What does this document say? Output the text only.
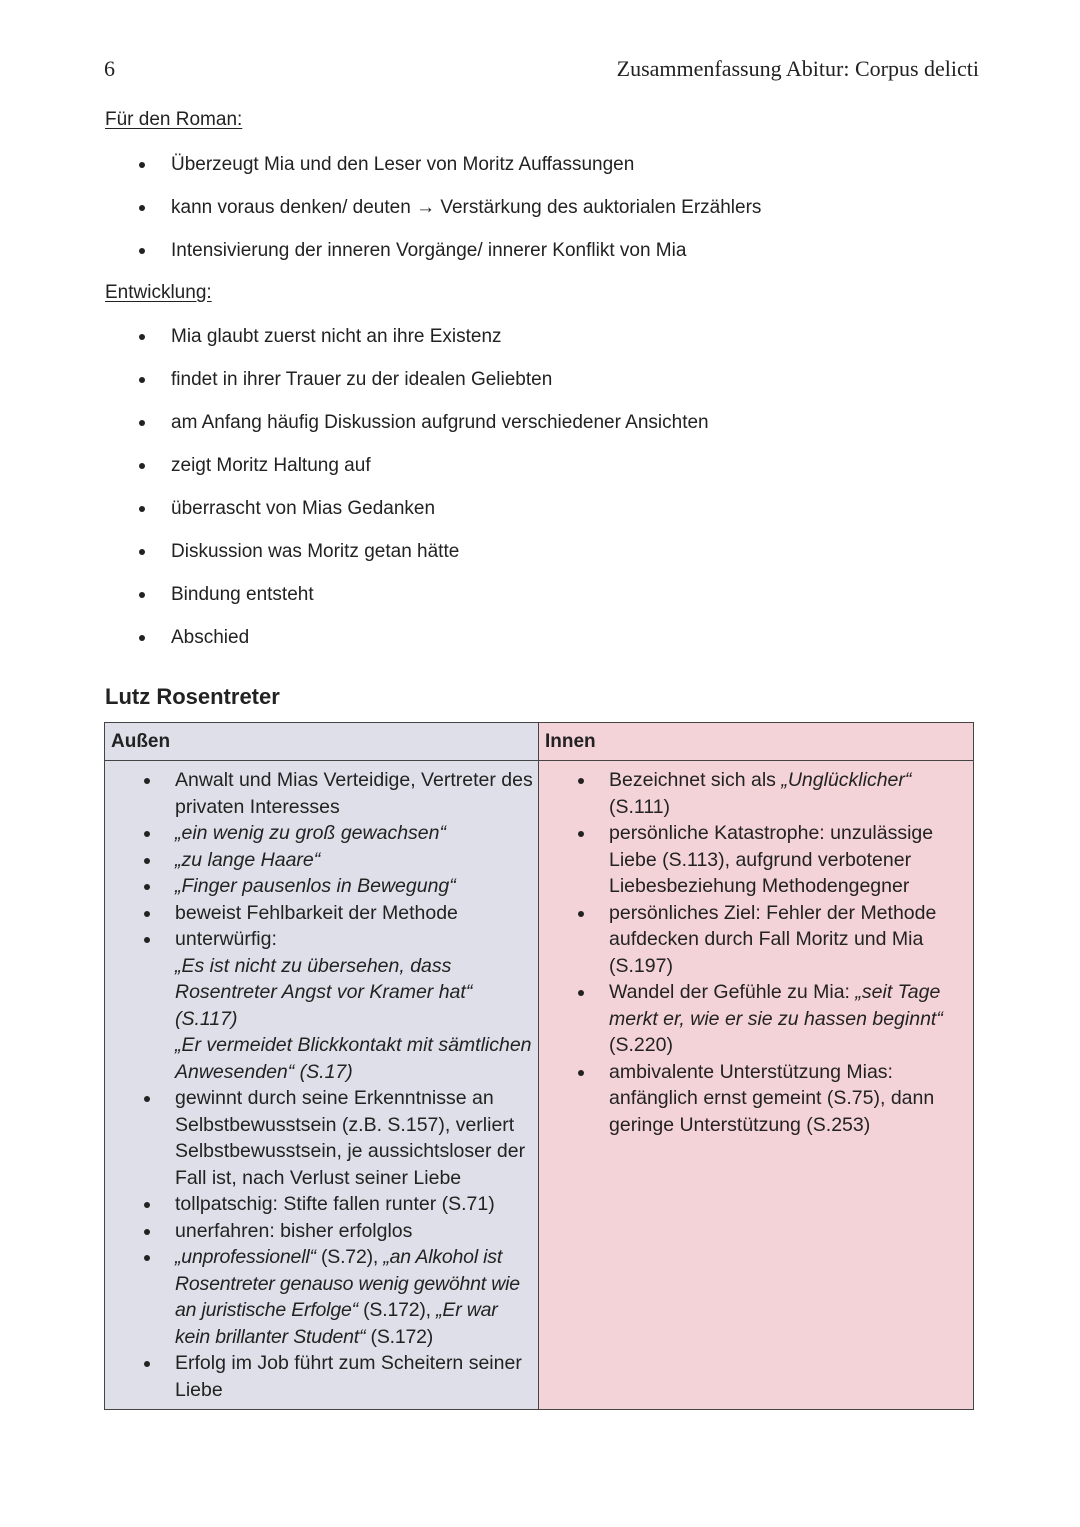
6	Zusammenfassung Abitur: Corpus delicti
Für den Roman:
Überzeugt Mia und den Leser von Moritz Auffassungen
kann voraus denken/ deuten → Verstärkung des auktorialen Erzählers
Intensivierung der inneren Vorgänge/ innerer Konflikt von Mia
Entwicklung:
Mia glaubt zuerst nicht an ihre Existenz
findet in ihrer Trauer zu der idealen Geliebten
am Anfang häufig Diskussion aufgrund verschiedener Ansichten
zeigt Moritz Haltung auf
überrascht von Mias Gedanken
Diskussion was Moritz getan hätte
Bindung entsteht
Abschied
Lutz Rosentreter
Außen
Anwalt und Mias Verteidige, Vertreter des privaten Interesses
„ein wenig zu groß gewachsen“
„zu lange Haare“
„Finger pausenlos in Bewegung“
beweist Fehlbarkeit der Methode
unterwürfig:
„Es ist nicht zu übersehen, dass Rosentreter Angst vor Kramer hat“ (S.117)
„Er vermeidet Blickkontakt mit sämtlichen Anwesenden“ (S.17)
gewinnt durch seine Erkenntnisse an Selbstbewusstsein (z.B. S.157), verliert Selbstbewusstsein, je aussichtsloser der Fall ist, nach Verlust seiner Liebe
tollpatschig: Stifte fallen runter (S.71)
unerfahren: bisher erfolglos
„unprofessionell“ (S.72), „an Alkohol ist Rosentreter genauso wenig gewöhnt wie an juristische Erfolge“ (S.172), „Er war kein brillanter Student“ (S.172)
Erfolg im Job führt zum Scheitern seiner Liebe
Innen
Bezeichnet sich als „Unglücklicher“ (S.111)
persönliche Katastrophe: unzulässige Liebe (S.113), aufgrund verbotener Liebesbeziehung Methodengegner
persönliches Ziel: Fehler der Methode aufdecken durch Fall Moritz und Mia (S.197)
Wandel der Gefühle zu Mia: „seit Tage merkt er, wie er sie zu hassen beginnt“ (S.220)
ambivalente Unterstützung Mias: anfänglich ernst gemeint (S.75), dann geringe Unterstützung (S.253)
